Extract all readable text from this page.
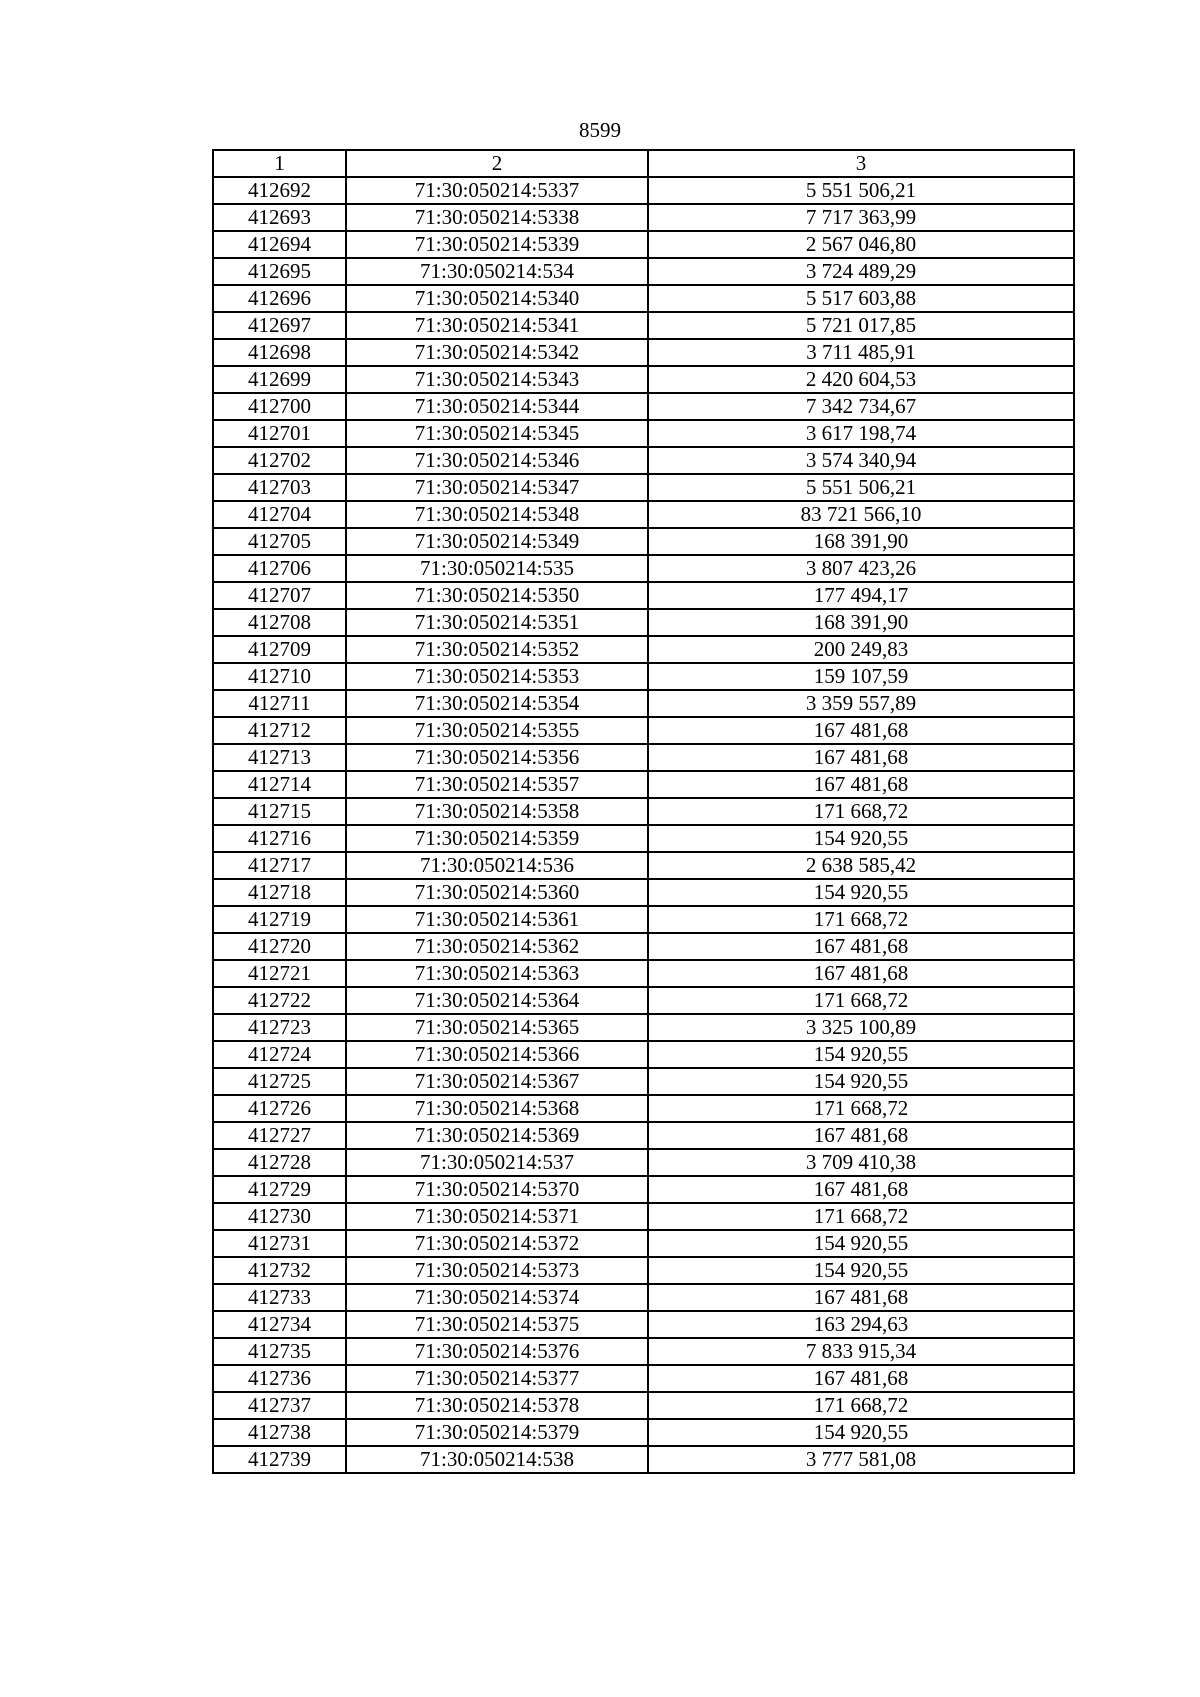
8599
1	2	3
412692	71:30:050214:5337	5 551 506,21
412693	71:30:050214:5338	7 717 363,99
412694	71:30:050214:5339	2 567 046,80
412695	71:30:050214:534	3 724 489,29
412696	71:30:050214:5340	5 517 603,88
412697	71:30:050214:5341	5 721 017,85
412698	71:30:050214:5342	3 711 485,91
412699	71:30:050214:5343	2 420 604,53
412700	71:30:050214:5344	7 342 734,67
412701	71:30:050214:5345	3 617 198,74
412702	71:30:050214:5346	3 574 340,94
412703	71:30:050214:5347	5 551 506,21
412704	71:30:050214:5348	83 721 566,10
412705	71:30:050214:5349	168 391,90
412706	71:30:050214:535	3 807 423,26
412707	71:30:050214:5350	177 494,17
412708	71:30:050214:5351	168 391,90
412709	71:30:050214:5352	200 249,83
412710	71:30:050214:5353	159 107,59
412711	71:30:050214:5354	3 359 557,89
412712	71:30:050214:5355	167 481,68
412713	71:30:050214:5356	167 481,68
412714	71:30:050214:5357	167 481,68
412715	71:30:050214:5358	171 668,72
412716	71:30:050214:5359	154 920,55
412717	71:30:050214:536	2 638 585,42
412718	71:30:050214:5360	154 920,55
412719	71:30:050214:5361	171 668,72
412720	71:30:050214:5362	167 481,68
412721	71:30:050214:5363	167 481,68
412722	71:30:050214:5364	171 668,72
412723	71:30:050214:5365	3 325 100,89
412724	71:30:050214:5366	154 920,55
412725	71:30:050214:5367	154 920,55
412726	71:30:050214:5368	171 668,72
412727	71:30:050214:5369	167 481,68
412728	71:30:050214:537	3 709 410,38
412729	71:30:050214:5370	167 481,68
412730	71:30:050214:5371	171 668,72
412731	71:30:050214:5372	154 920,55
412732	71:30:050214:5373	154 920,55
412733	71:30:050214:5374	167 481,68
412734	71:30:050214:5375	163 294,63
412735	71:30:050214:5376	7 833 915,34
412736	71:30:050214:5377	167 481,68
412737	71:30:050214:5378	171 668,72
412738	71:30:050214:5379	154 920,55
412739	71:30:050214:538	3 777 581,08
